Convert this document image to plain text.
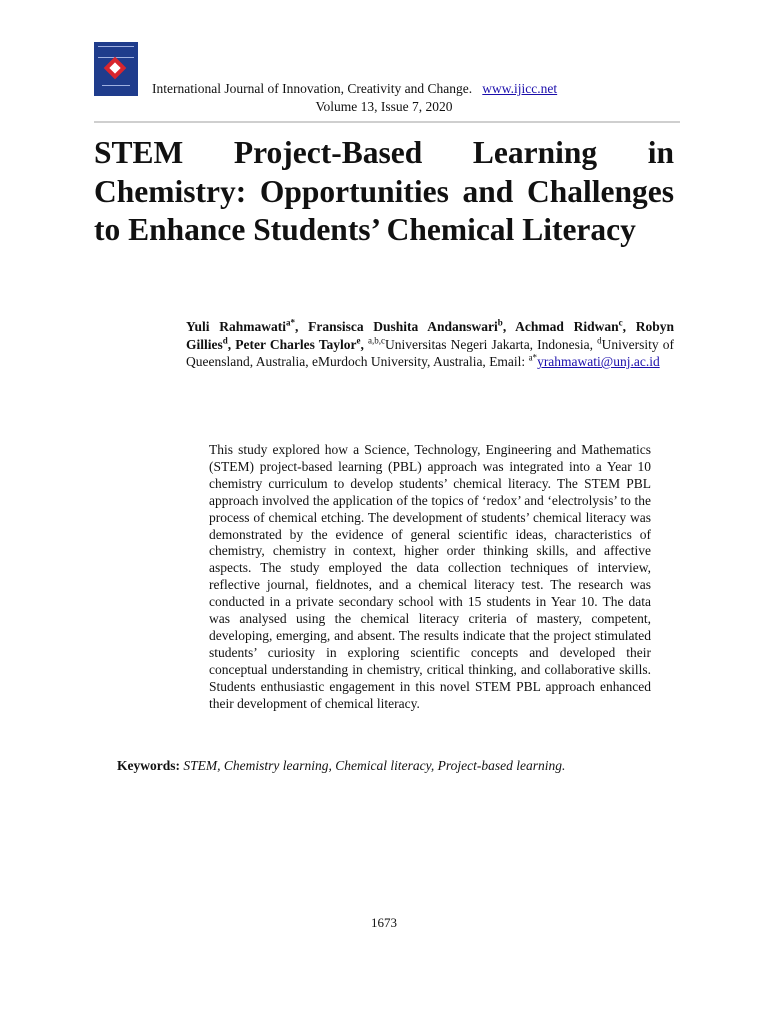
International Journal of Innovation, Creativity and Change. www.ijicc.net
Volume 13, Issue 7, 2020
STEM Project-Based Learning in Chemistry: Opportunities and Challenges to Enhance Students’ Chemical Literacy

Yuli Rahmawati$^{a*}$, Fransisca Dushita Andanswari$^b$, Achmad Ridwan$^c$, Robyn Gillies$^d$, Peter Charles Taylor$^e$, $^{a,b,c}$Universitas Negeri Jakarta, Indonesia, $^d$University of Queensland, Australia, eMurdoch University, Australia, Email: $^{a*}$yrahmawati@unj.ac.id

This study explored how a Science, Technology, Engineering and Mathematics (STEM) project-based learning (PBL) approach was integrated into a Year 10 chemistry curriculum to develop students’ chemical literacy. The STEM PBL approach involved the application of the topics of ‘redox’ and ‘electrolysis’ to the process of chemical etching. The development of students’ chemical literacy was demonstrated by the evidence of general scientific ideas, characteristics of chemistry, chemistry in context, higher order thinking skills, and affective aspects. The study employed the data collection techniques of interview, reflective journal, fieldnotes, and a chemical literacy test. The research was conducted in a private secondary school with 15 students in Year 10. The data was analysed using the chemical literacy criteria of mastery, competent, developing, emerging, and absent. The results indicate that the project stimulated students’ curiosity in exploring scientific concepts and developed their conceptual understanding in chemistry, critical thinking, and collaborative skills. Students enthusiastic engagement in this novel STEM PBL approach enhanced their development of chemical literacy.

Keywords: STEM, Chemistry learning, Chemical literacy, Project-based learning.

1673
